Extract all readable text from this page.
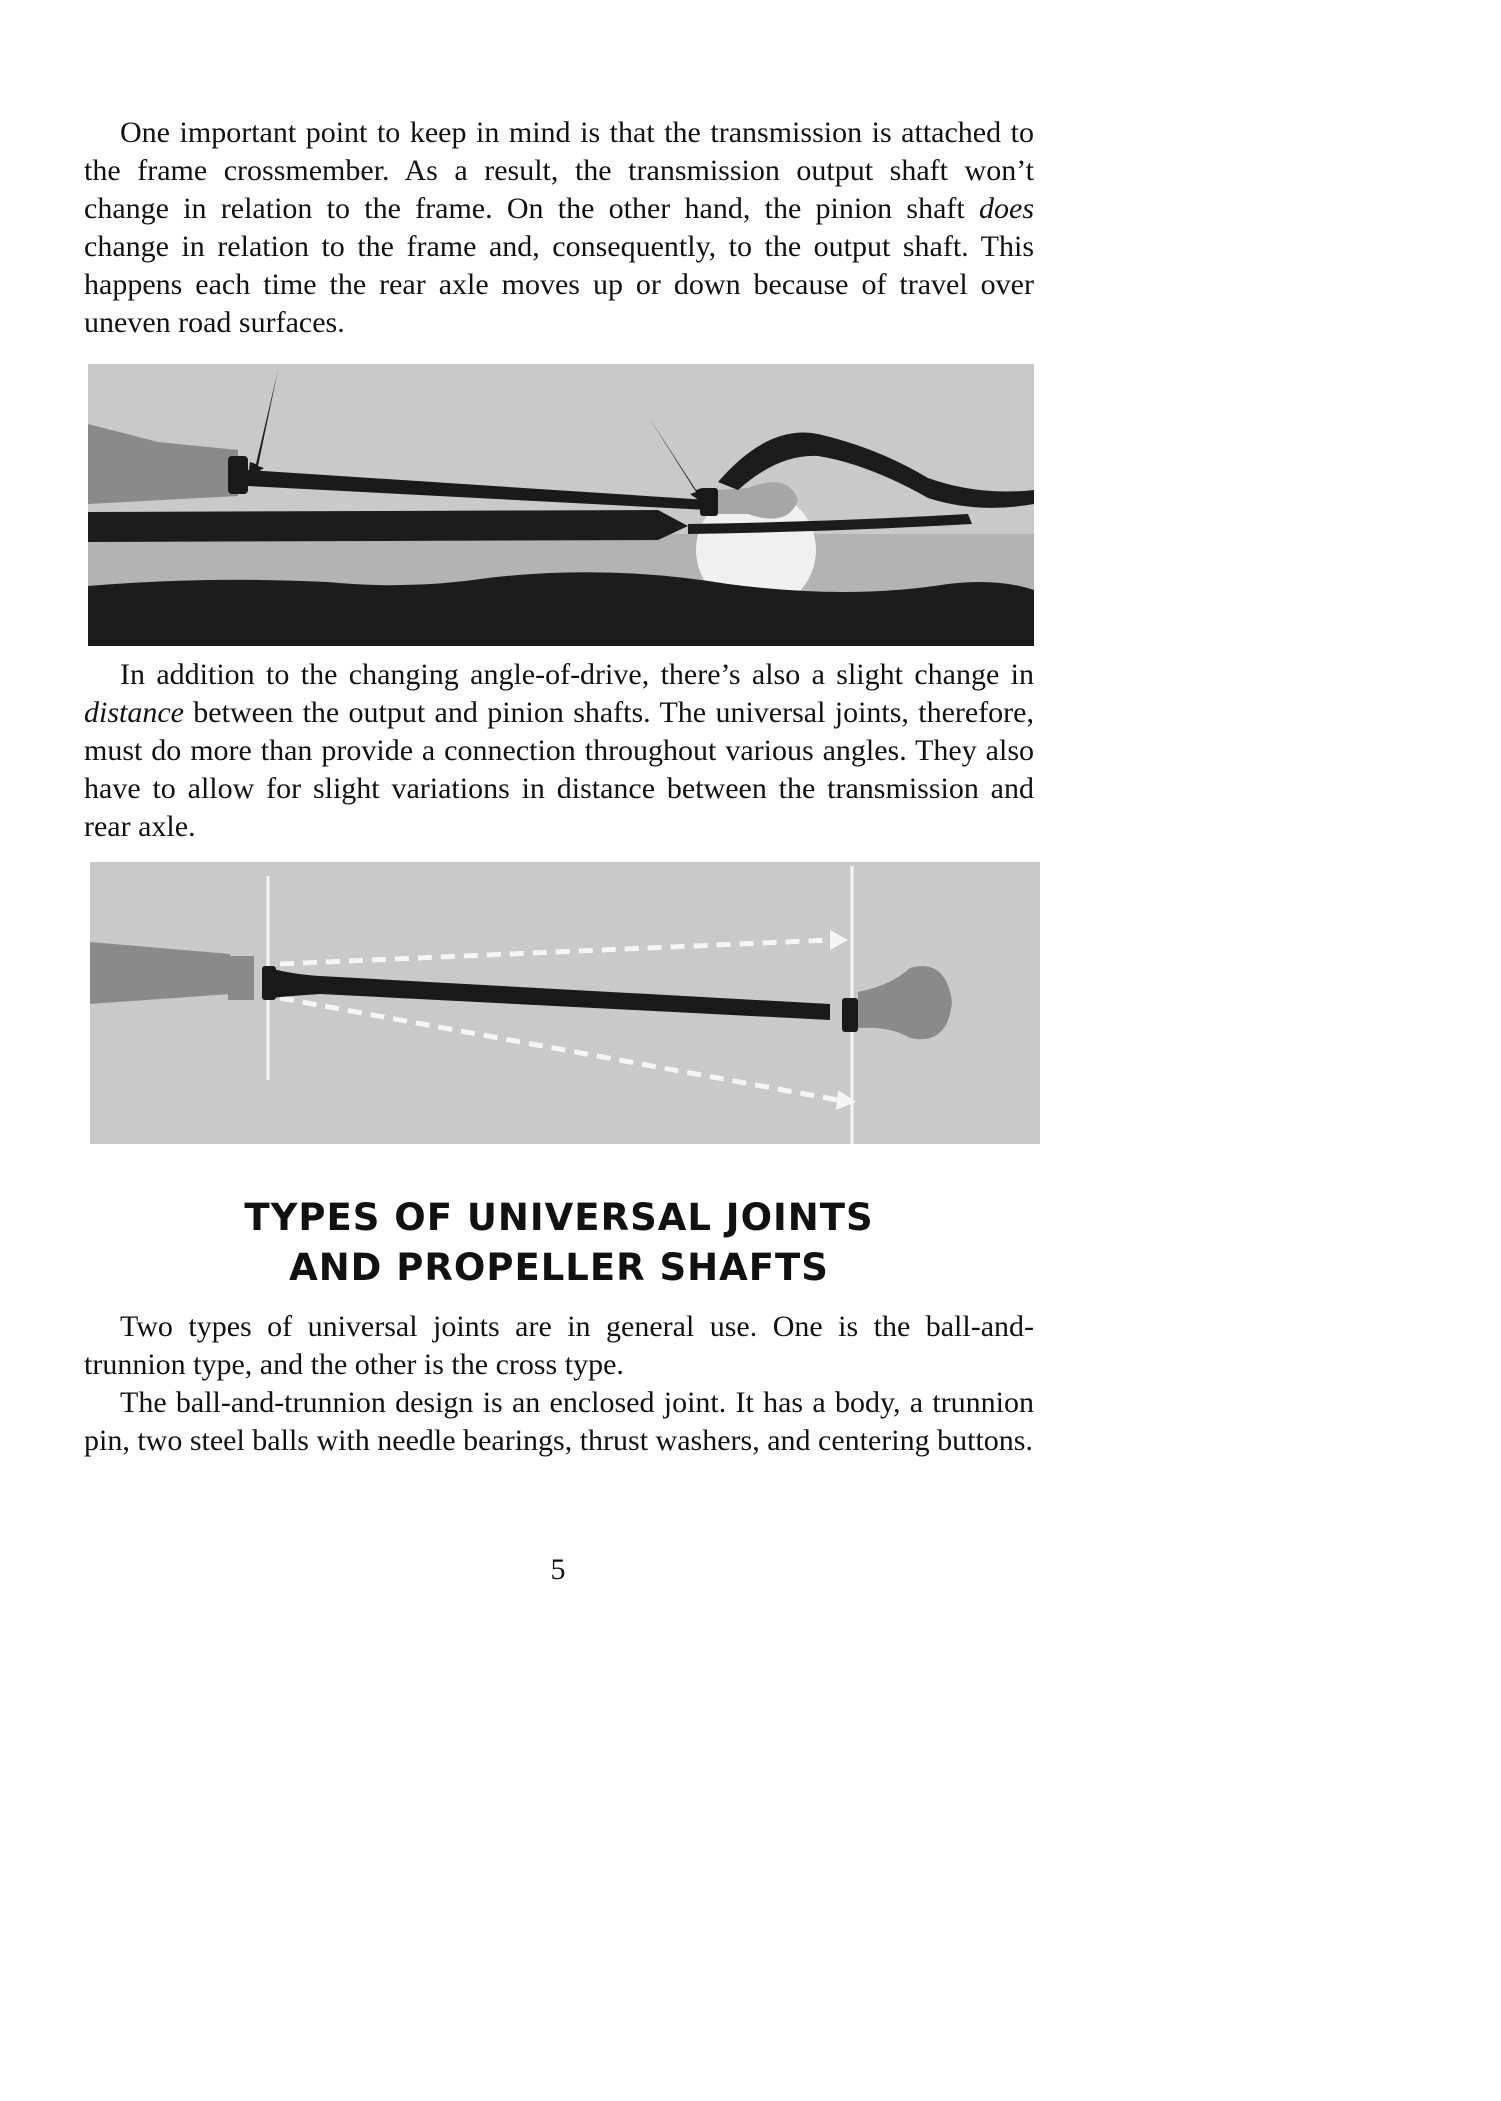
One important point to keep in mind is that the transmission is attached to the frame crossmember. As a result, the transmission output shaft won’t change in relation to the frame. On the other hand, the pinion shaft does change in relation to the frame and, consequently, to the output shaft. This happens each time the rear axle moves up or down because of travel over uneven road surfaces.

In addition to the changing angle-of-drive, there’s also a slight change in distance between the output and pinion shafts. The universal joints, therefore, must do more than provide a connection throughout various angles. They also have to allow for slight variations in distance between the transmission and rear axle.

TYPES OF UNIVERSAL JOINTS
AND PROPELLER SHAFTS

Two types of universal joints are in general use. One is the ball-and-trunnion type, and the other is the cross type.

The ball-and-trunnion design is an enclosed joint. It has a body, a trunnion pin, two steel balls with needle bearings, thrust washers, and centering buttons.

5
